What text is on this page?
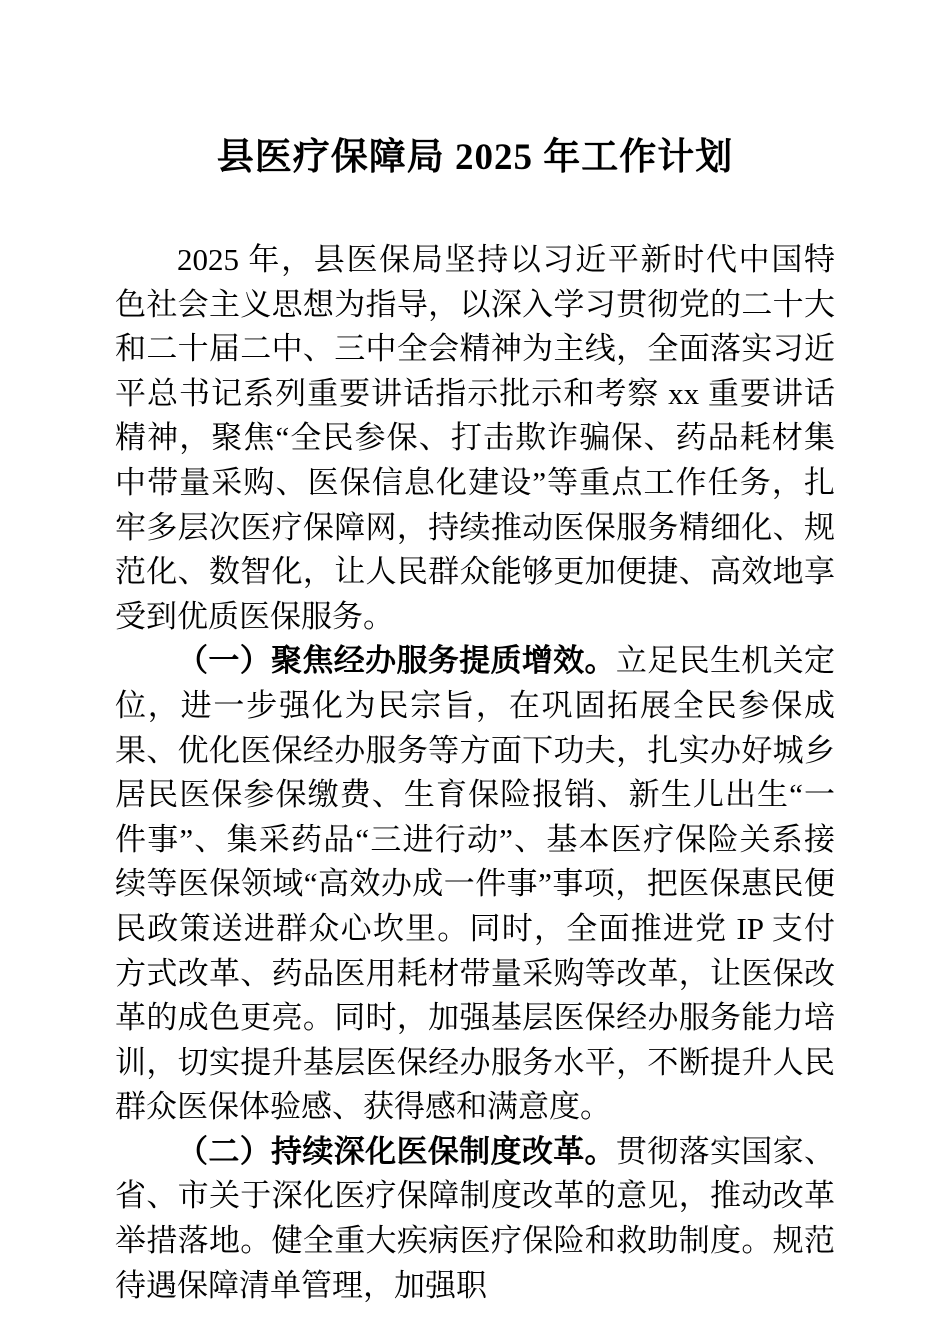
县医疗保障局 2025 年工作计划

2025 年，县医保局坚持以习近平新时代中国特色社会主义思想为指导，以深入学习贯彻党的二十大和二十届二中、三中全会精神为主线，全面落实习近平总书记系列重要讲话指示批示和考察 xx 重要讲话精神，聚焦“全民参保、打击欺诈骗保、药品耗材集中带量采购、医保信息化建设”等重点工作任务，扎牢多层次医疗保障网，持续推动医保服务精细化、规范化、数智化，让人民群众能够更加便捷、高效地享受到优质医保服务。

（一）聚焦经办服务提质增效。立足民生机关定位，进一步强化为民宗旨，在巩固拓展全民参保成果、优化医保经办服务等方面下功夫，扎实办好城乡居民医保参保缴费、生育保险报销、新生儿出生“一件事”、集采药品“三进行动”、基本医疗保险关系接续等医保领域“高效办成一件事”事项，把医保惠民便民政策送进群众心坎里。同时，全面推进党 IP 支付方式改革、药品医用耗材带量采购等改革，让医保改革的成色更亮。同时，加强基层医保经办服务能力培训，切实提升基层医保经办服务水平，不断提升人民群众医保体验感、获得感和满意度。

（二）持续深化医保制度改革。贯彻落实国家、省、市关于深化医疗保障制度改革的意见，推动改革举措落地。健全重大疾病医疗保险和救助制度。规范待遇保障清单管理，加强职
